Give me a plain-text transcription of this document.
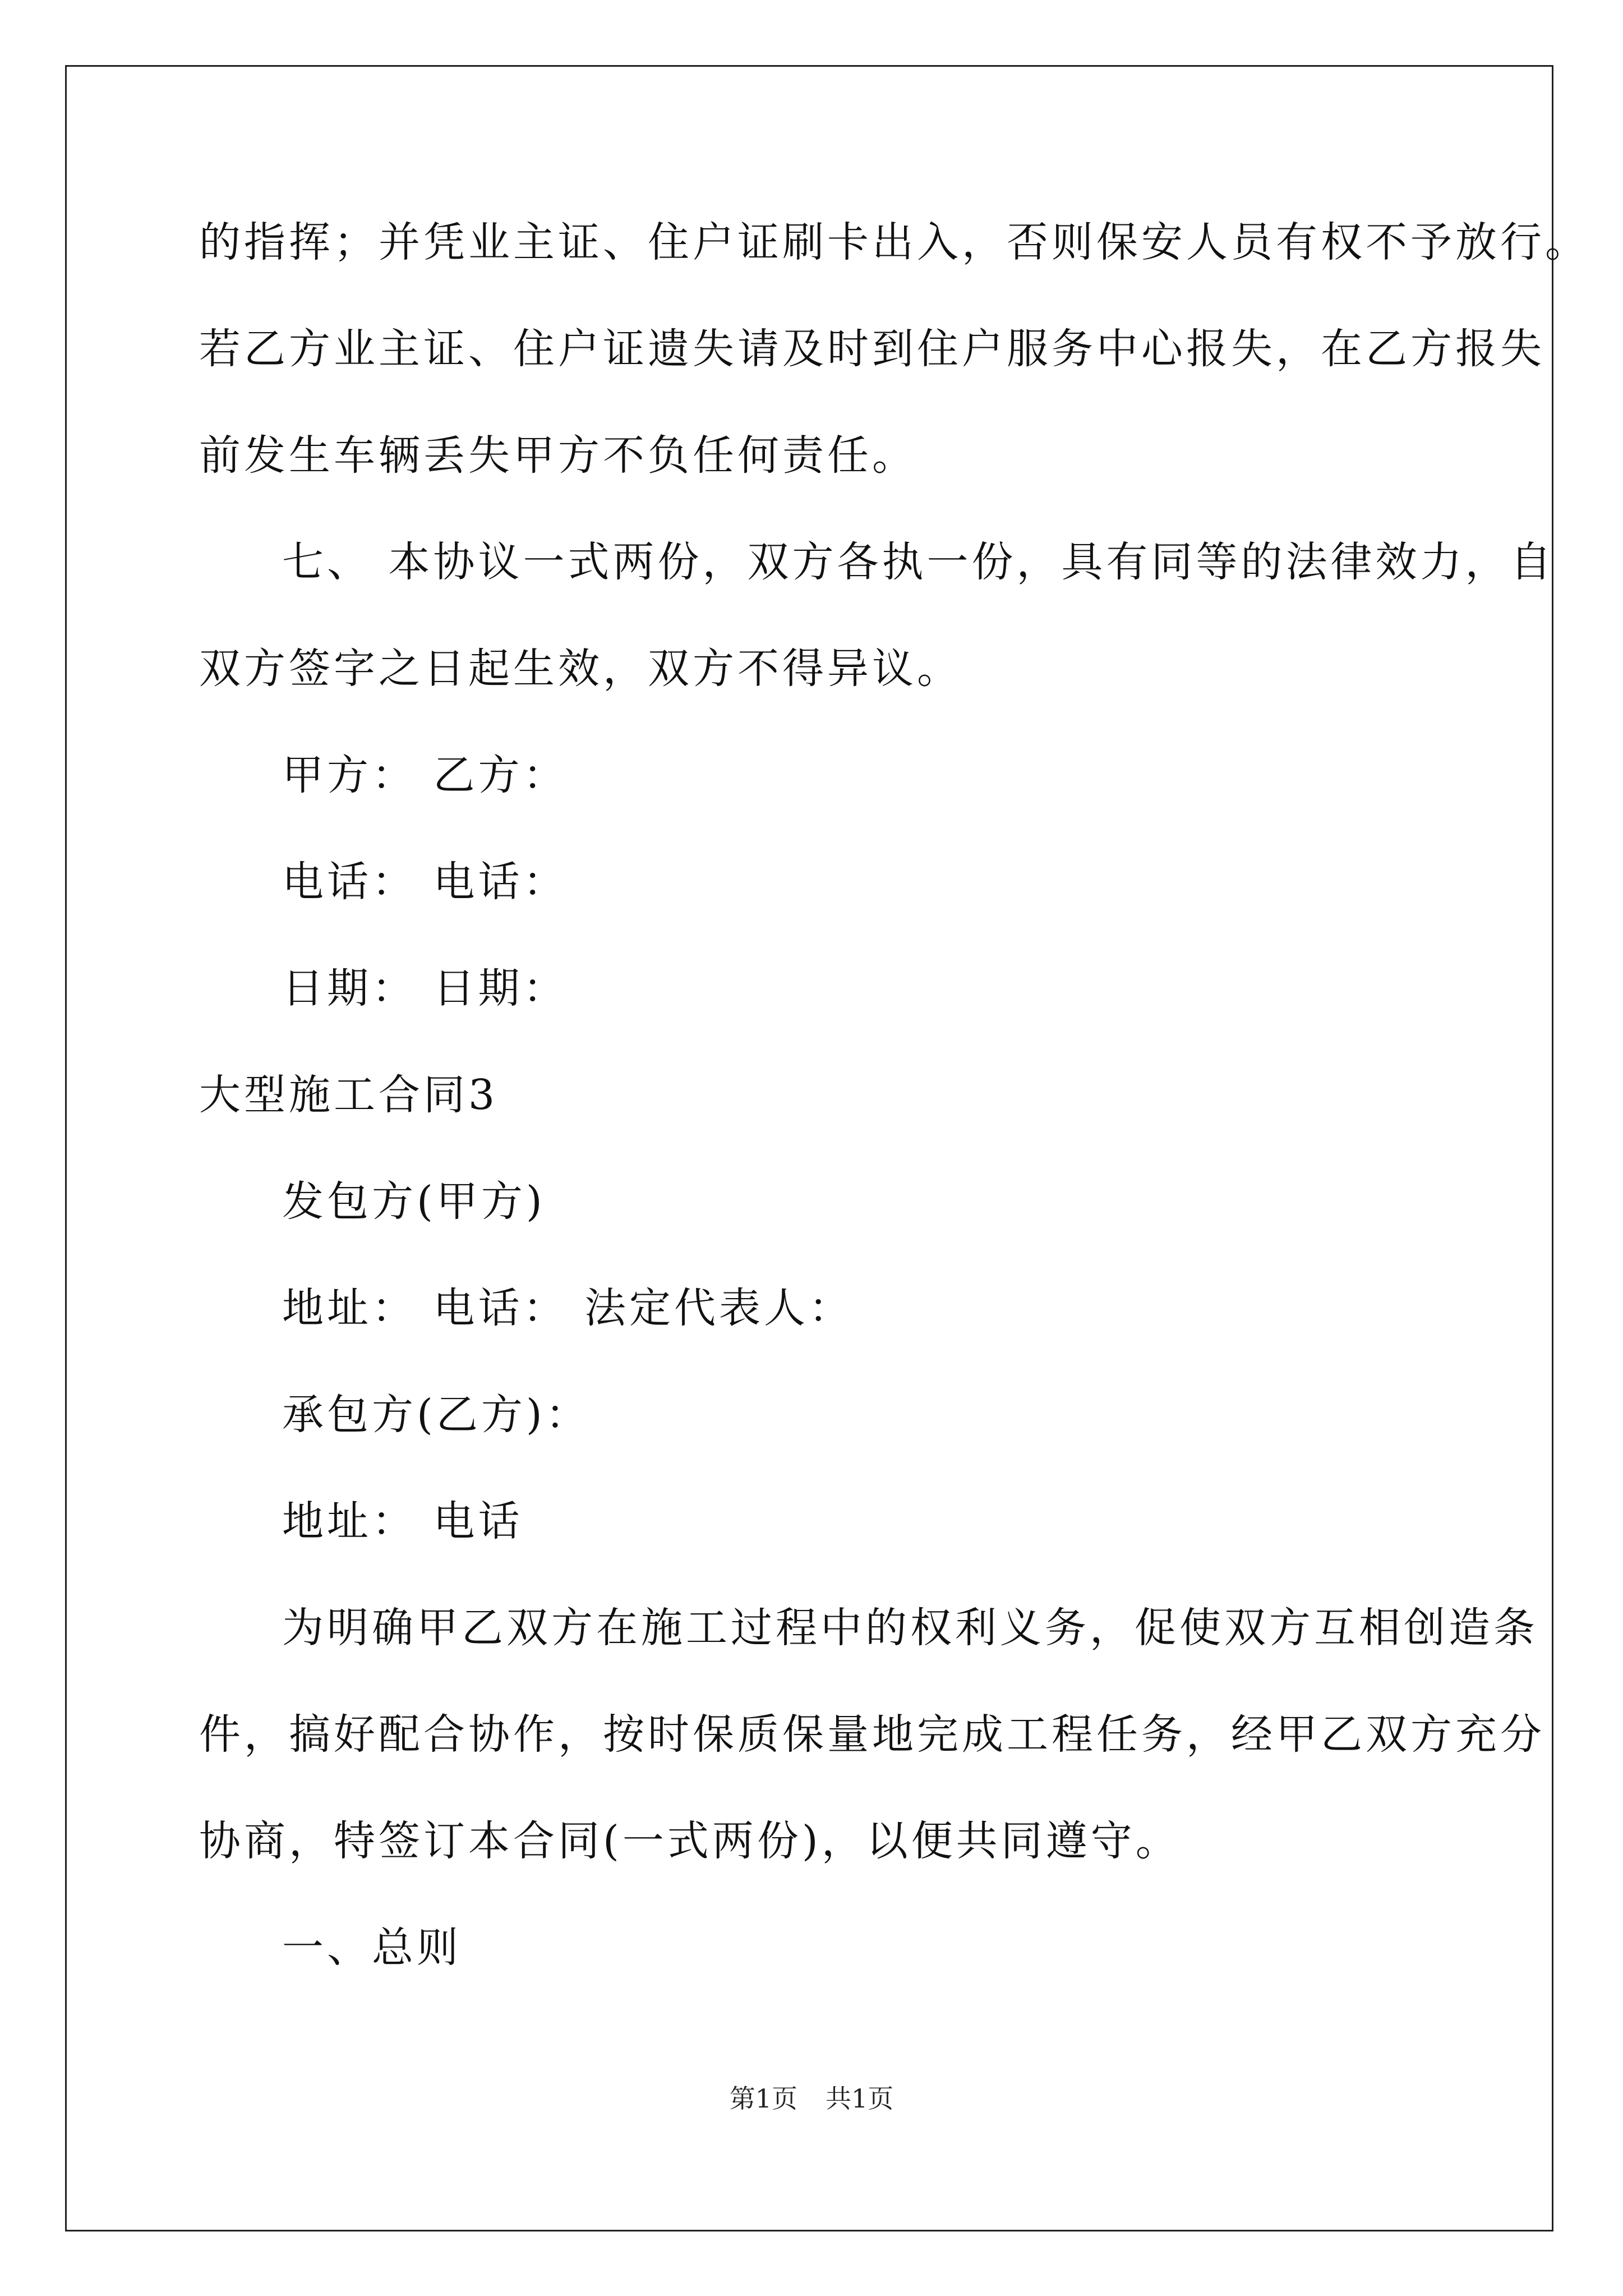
的指挥；并凭业主证、住户证刷卡出入，否则保安人员有权不予放行。
若乙方业主证、住户证遗失请及时到住户服务中心报失，在乙方报失
前发生车辆丢失甲方不负任何责任。
七、 本协议一式两份，双方各执一份，具有同等的法律效力，自
双方签字之日起生效，双方不得异议。
甲方： 乙方：
电话： 电话：
日期： 日期：
大型施工合同3
发包方(甲方)
地址： 电话： 法定代表人：
承包方(乙方)：
地址： 电话
为明确甲乙双方在施工过程中的权利义务，促使双方互相创造条
件，搞好配合协作，按时保质保量地完成工程任务，经甲乙双方充分
协商，特签订本合同(一式两份)，以便共同遵守。
一、总则
第1页 共1页
